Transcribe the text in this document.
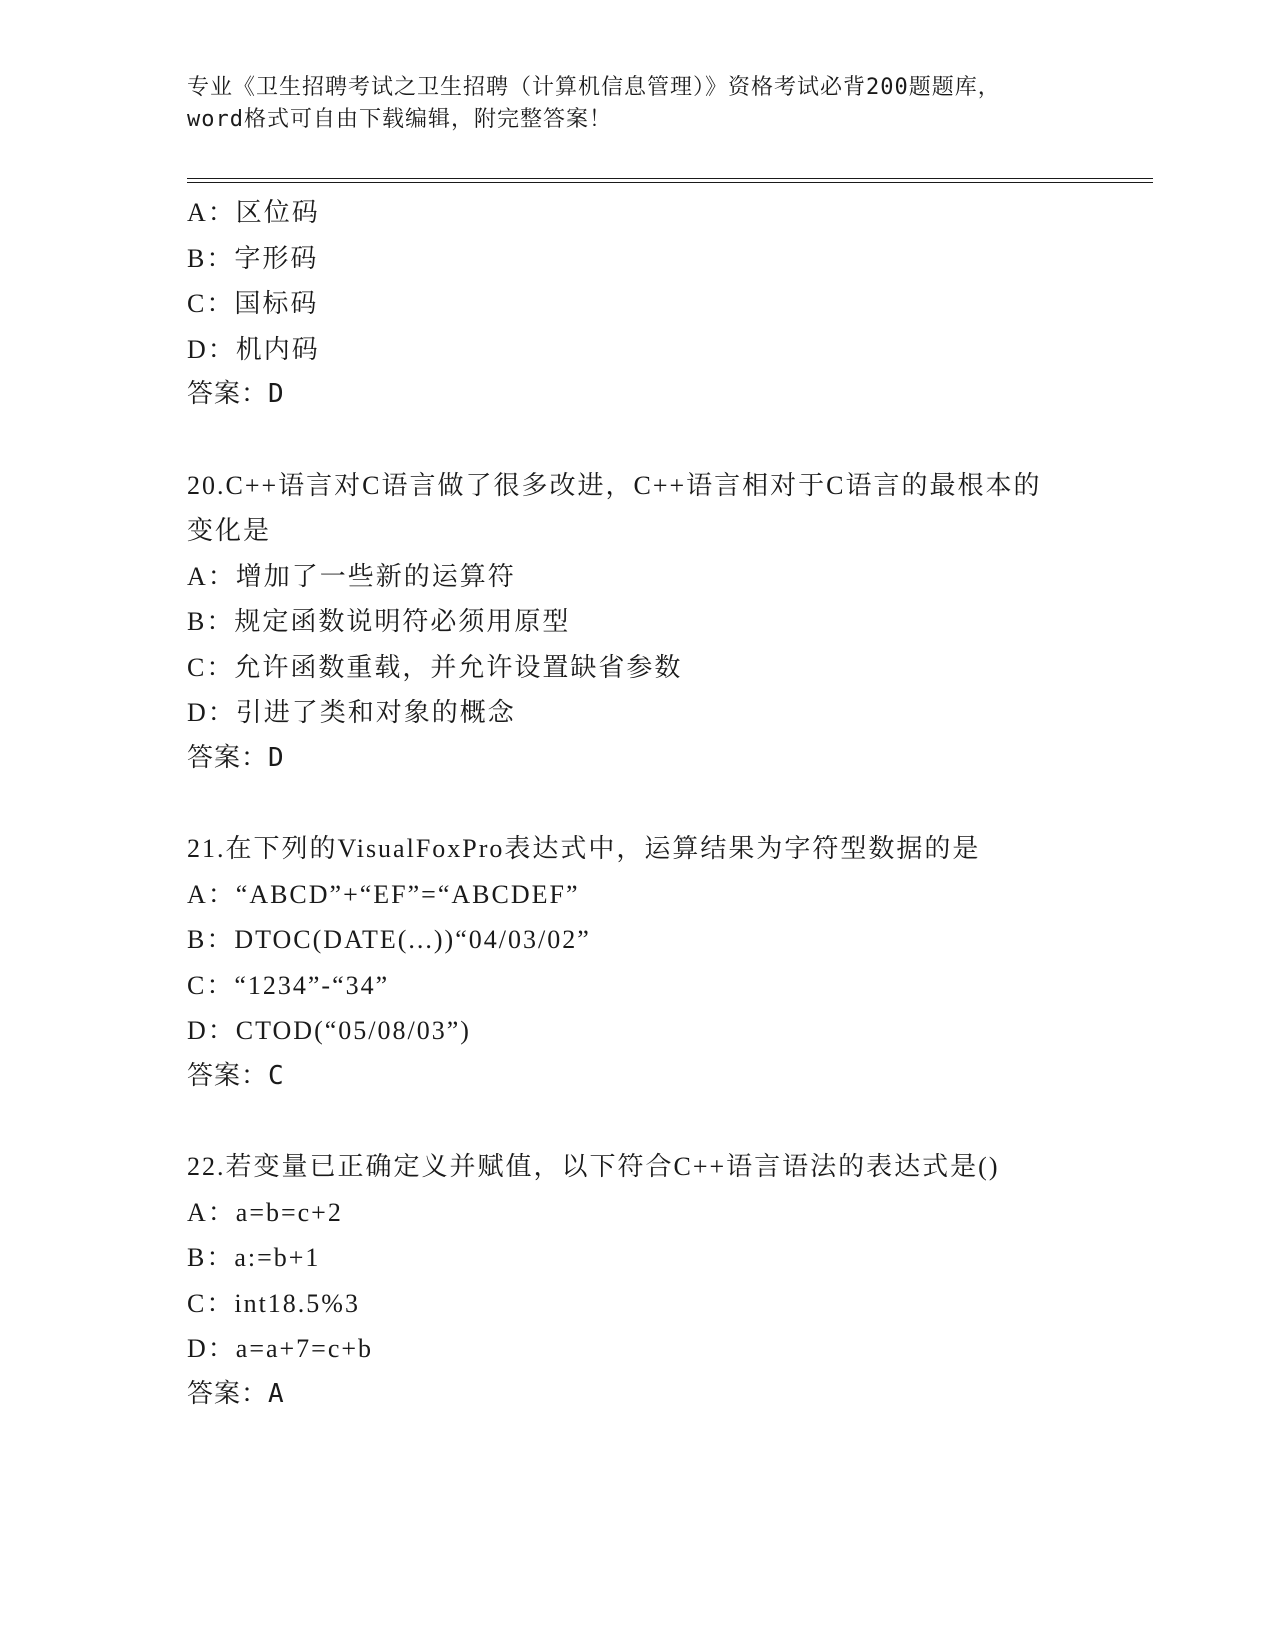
专业《卫生招聘考试之卫生招聘（计算机信息管理）》资格考试必背200题题库，
word格式可自由下载编辑，附完整答案！
A：区位码
B：字形码
C：国标码
D：机内码
答案：D
20.C++语言对C语言做了很多改进，C++语言相对于C语言的最根本的
变化是
A：增加了一些新的运算符
B：规定函数说明符必须用原型
C：允许函数重载，并允许设置缺省参数
D：引进了类和对象的概念
答案：D
21.在下列的VisualFoxPro表达式中，运算结果为字符型数据的是
A：“ABCD”+“EF”=“ABCDEF”
B：DTOC(DATE(...))“04/03/02”
C：“1234”-“34”
D：CTOD(“05/08/03”)
答案：C
22.若变量已正确定义并赋值，以下符合C++语言语法的表达式是()
A：a=b=c+2
B：a:=b+1
C：int18.5%3
D：a=a+7=c+b
答案：A
